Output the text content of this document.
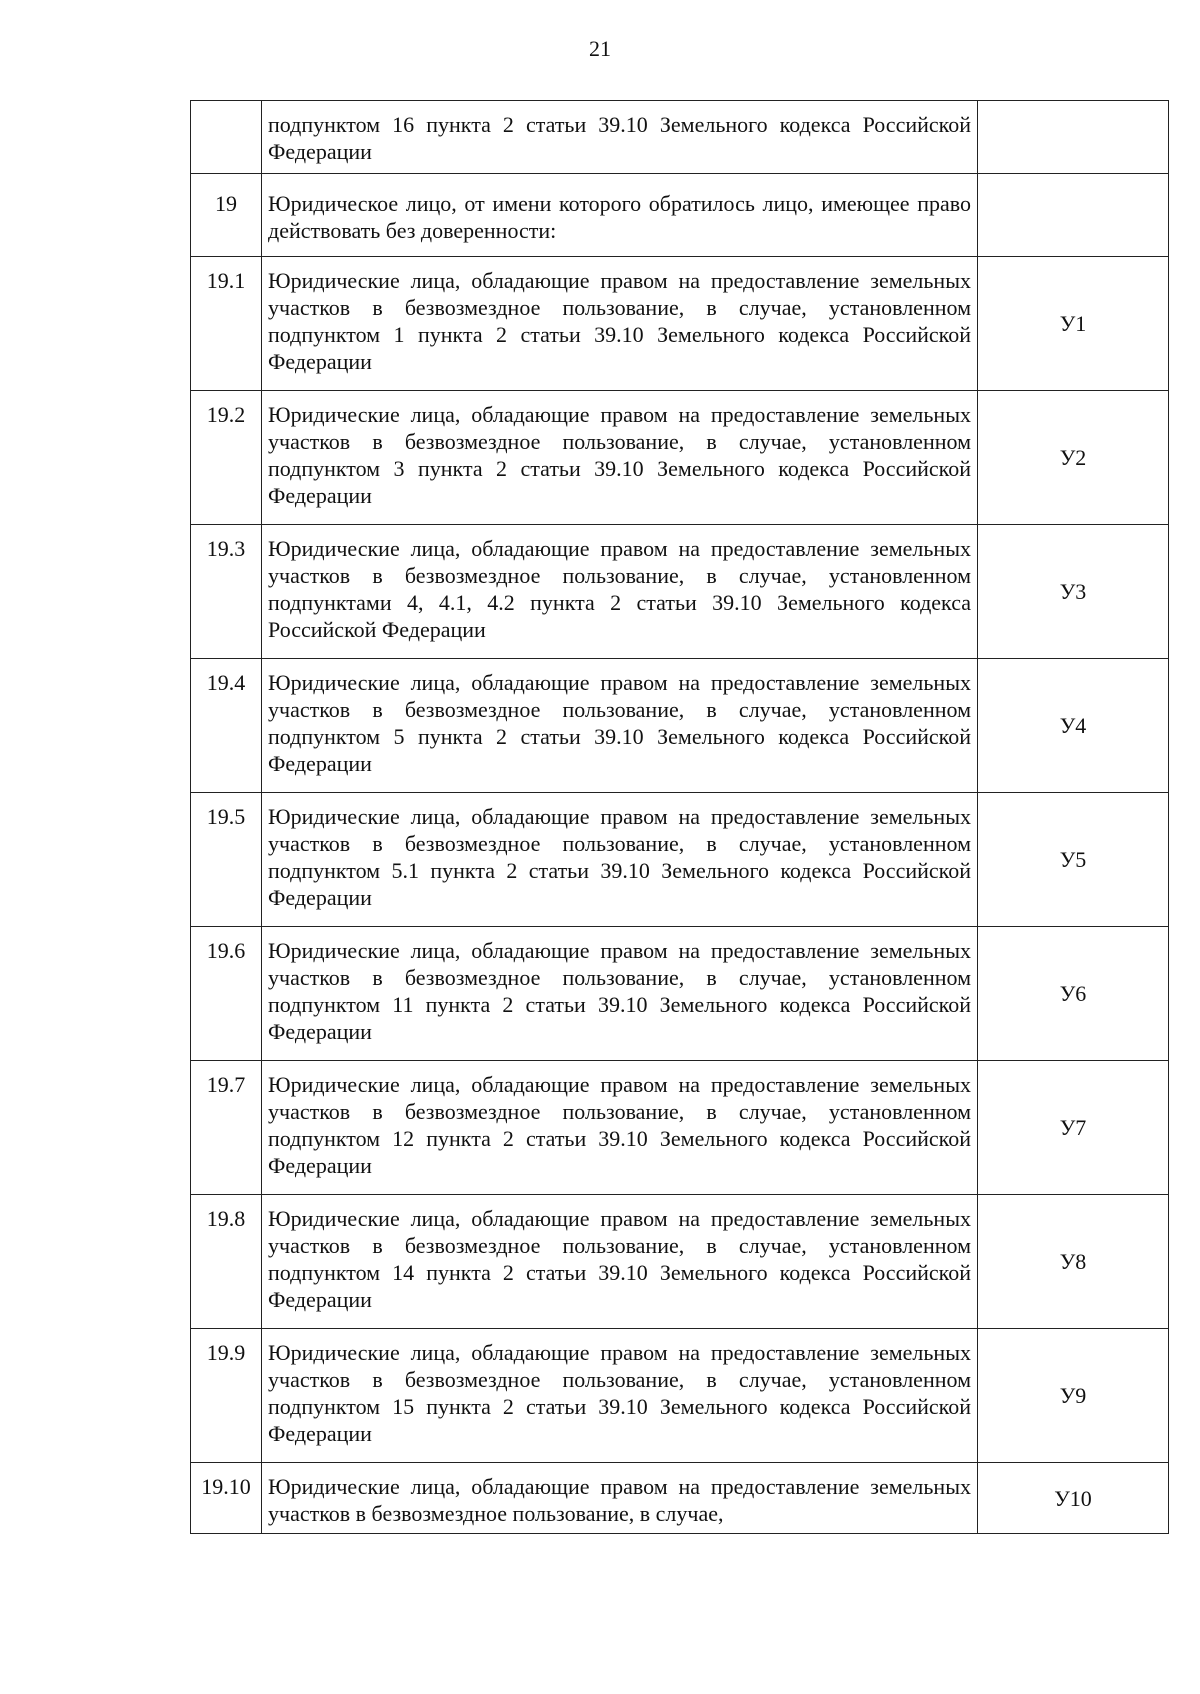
21
	подпунктом 16 пункта 2 статьи 39.10 Земельного кодекса Российской Федерации	
19	Юридическое лицо, от имени которого обратилось лицо, имеющее право действовать без доверенности:	
19.1	Юридические лица, обладающие правом на предоставление земельных участков в безвозмездное пользование, в случае, установленном подпунктом 1 пункта 2 статьи 39.10 Земельного кодекса Российской Федерации	У1
19.2	Юридические лица, обладающие правом на предоставление земельных участков в безвозмездное пользование, в случае, установленном подпунктом 3 пункта 2 статьи 39.10 Земельного кодекса Российской Федерации	У2
19.3	Юридические лица, обладающие правом на предоставление земельных участков в безвозмездное пользование, в случае, установленном подпунктами 4, 4.1, 4.2 пункта 2 статьи 39.10 Земельного кодекса Российской Федерации	У3
19.4	Юридические лица, обладающие правом на предоставление земельных участков в безвозмездное пользование, в случае, установленном подпунктом 5 пункта 2 статьи 39.10 Земельного кодекса Российской Федерации	У4
19.5	Юридические лица, обладающие правом на предоставление земельных участков в безвозмездное пользование, в случае, установленном подпунктом 5.1 пункта 2 статьи 39.10 Земельного кодекса Российской Федерации	У5
19.6	Юридические лица, обладающие правом на предоставление земельных участков в безвозмездное пользование, в случае, установленном подпунктом 11 пункта 2 статьи 39.10 Земельного кодекса Российской Федерации	У6
19.7	Юридические лица, обладающие правом на предоставление земельных участков в безвозмездное пользование, в случае, установленном подпунктом 12 пункта 2 статьи 39.10 Земельного кодекса Российской Федерации	У7
19.8	Юридические лица, обладающие правом на предоставление земельных участков в безвозмездное пользование, в случае, установленном подпунктом 14 пункта 2 статьи 39.10 Земельного кодекса Российской Федерации	У8
19.9	Юридические лица, обладающие правом на предоставление земельных участков в безвозмездное пользование, в случае, установленном подпунктом 15 пункта 2 статьи 39.10 Земельного кодекса Российской Федерации	У9
19.10	Юридические лица, обладающие правом на предоставление земельных участков в безвозмездное пользование, в случае,	У10
